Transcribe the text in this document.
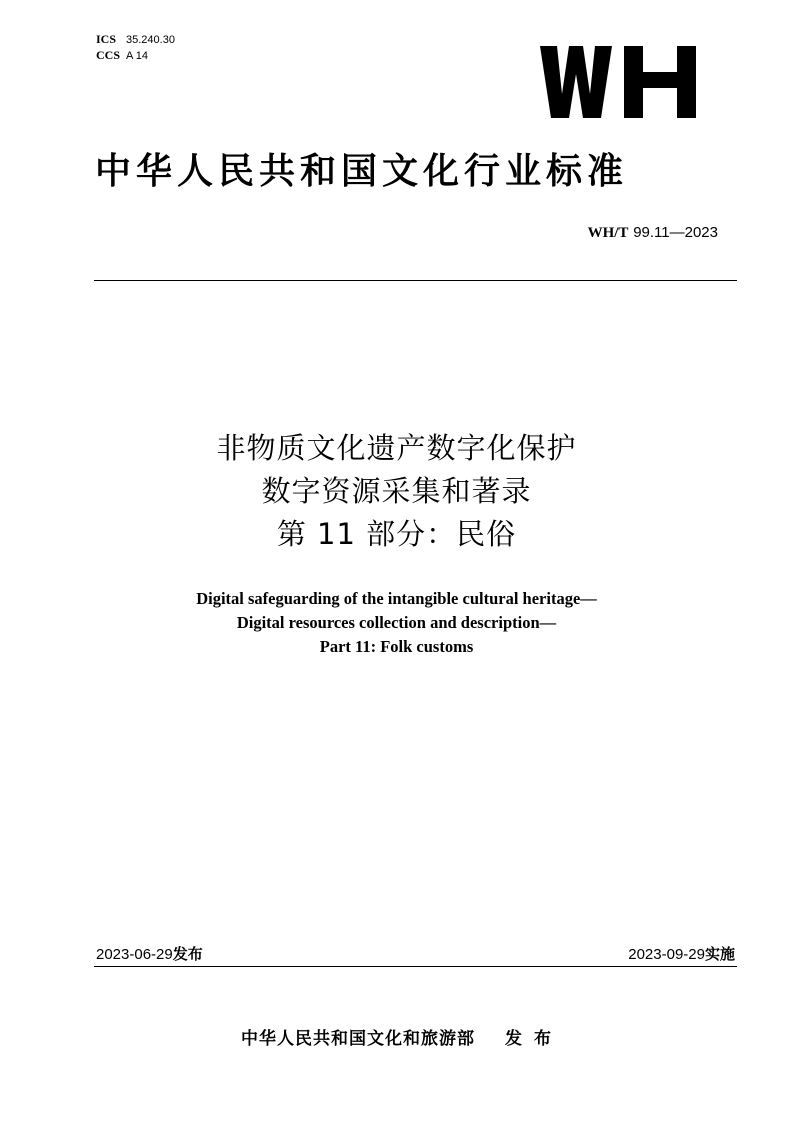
ICS 35.240.30
CCS A 14
中华人民共和国文化行业标准
WH/T 99.11—2023
非物质文化遗产数字化保护
数字资源采集和著录
第 11 部分：民俗
Digital safeguarding of the intangible cultural heritage—
Digital resources collection and description—
Part 11: Folk customs
2023-06-29发布	2023-09-29实施
中华人民共和国文化和旅游部 发布
